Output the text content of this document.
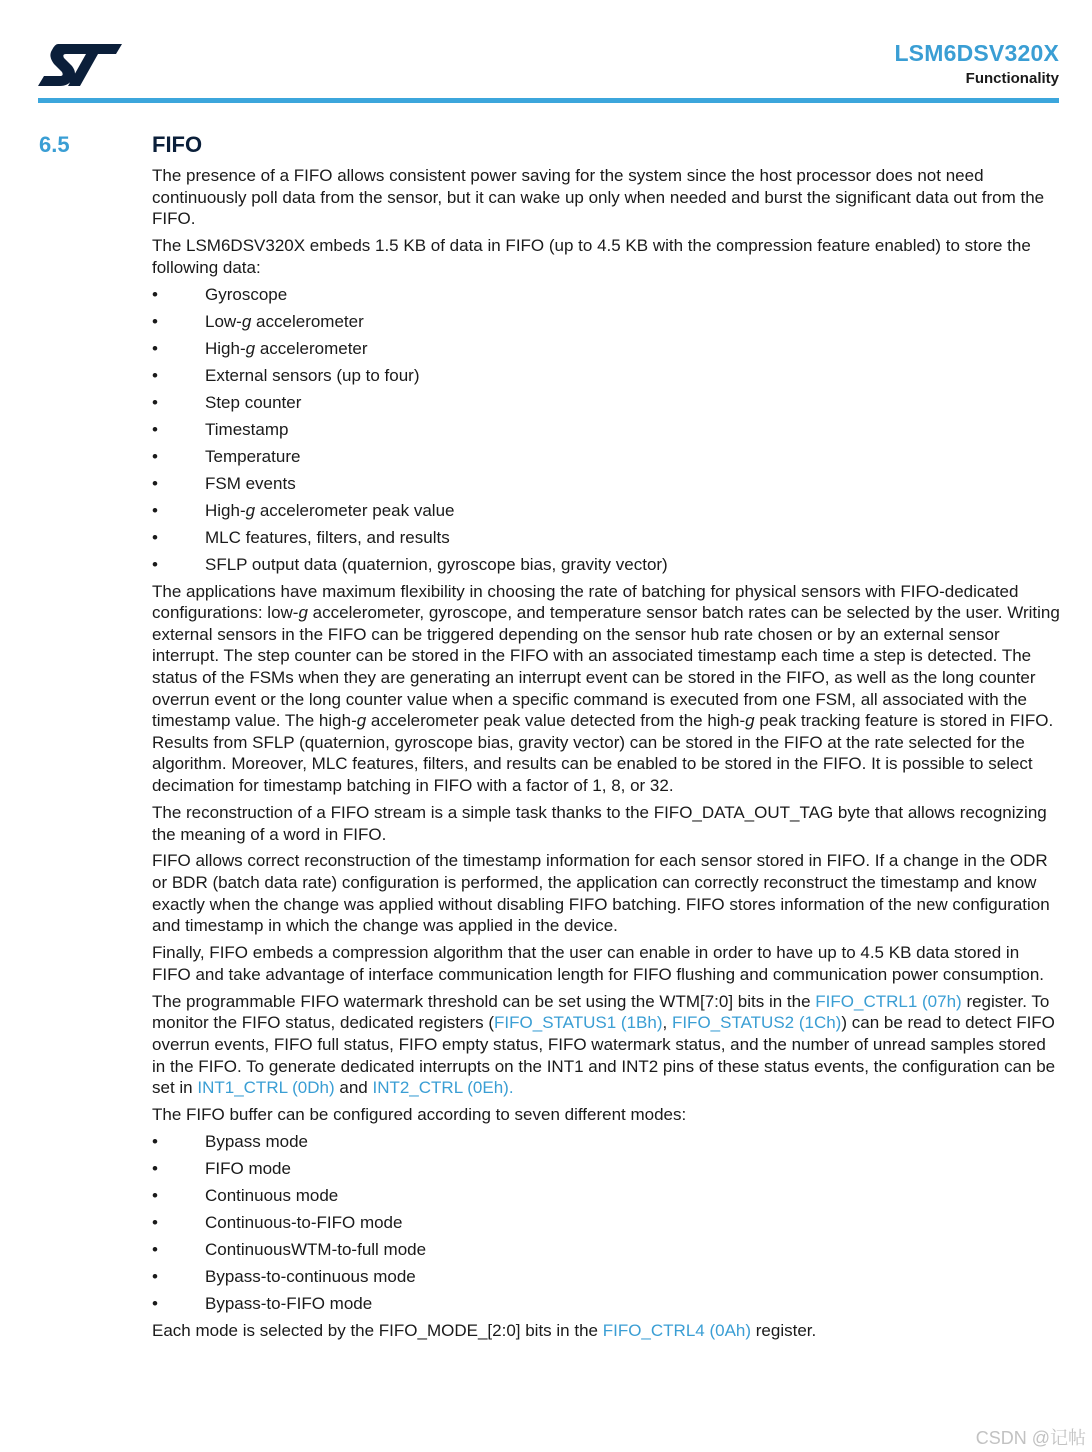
LSM6DSV320X
Functionality
6.5	FIFO

The presence of a FIFO allows consistent power saving for the system since the host processor does not need continuously poll data from the sensor, but it can wake up only when needed and burst the significant data out from the FIFO.

The LSM6DSV320X embeds 1.5 KB of data in FIFO (up to 4.5 KB with the compression feature enabled) to store the following data:

•	Gyroscope
•	Low-g accelerometer
•	High-g accelerometer
•	External sensors (up to four)
•	Step counter
•	Timestamp
•	Temperature
•	FSM events
•	High-g accelerometer peak value
•	MLC features, filters, and results
•	SFLP output data (quaternion, gyroscope bias, gravity vector)

The applications have maximum flexibility in choosing the rate of batching for physical sensors with FIFO-dedicated configurations: low-g accelerometer, gyroscope, and temperature sensor batch rates can be selected by the user. Writing external sensors in the FIFO can be triggered depending on the sensor hub rate chosen or by an external sensor interrupt. The step counter can be stored in the FIFO with an associated timestamp each time a step is detected. The status of the FSMs when they are generating an interrupt event can be stored in the FIFO, as well as the long counter overrun event or the long counter value when a specific command is executed from one FSM, all associated with the timestamp value. The high-g accelerometer peak value detected from the high-g peak tracking feature is stored in FIFO. Results from SFLP (quaternion, gyroscope bias, gravity vector) can be stored in the FIFO at the rate selected for the algorithm. Moreover, MLC features, filters, and results can be enabled to be stored in the FIFO. It is possible to select decimation for timestamp batching in FIFO with a factor of 1, 8, or 32.

The reconstruction of a FIFO stream is a simple task thanks to the FIFO_DATA_OUT_TAG byte that allows recognizing the meaning of a word in FIFO.

FIFO allows correct reconstruction of the timestamp information for each sensor stored in FIFO. If a change in the ODR or BDR (batch data rate) configuration is performed, the application can correctly reconstruct the timestamp and know exactly when the change was applied without disabling FIFO batching. FIFO stores information of the new configuration and timestamp in which the change was applied in the device.

Finally, FIFO embeds a compression algorithm that the user can enable in order to have up to 4.5 KB data stored in FIFO and take advantage of interface communication length for FIFO flushing and communication power consumption.

The programmable FIFO watermark threshold can be set using the WTM[7:0] bits in the FIFO_CTRL1 (07h) register. To monitor the FIFO status, dedicated registers (FIFO_STATUS1 (1Bh), FIFO_STATUS2 (1Ch)) can be read to detect FIFO overrun events, FIFO full status, FIFO empty status, FIFO watermark status, and the number of unread samples stored in the FIFO. To generate dedicated interrupts on the INT1 and INT2 pins of these status events, the configuration can be set in INT1_CTRL (0Dh) and INT2_CTRL (0Eh).

The FIFO buffer can be configured according to seven different modes:

•	Bypass mode
•	FIFO mode
•	Continuous mode
•	Continuous-to-FIFO mode
•	ContinuousWTM-to-full mode
•	Bypass-to-continuous mode
•	Bypass-to-FIFO mode

Each mode is selected by the FIFO_MODE_[2:0] bits in the FIFO_CTRL4 (0Ah) register.

CSDN @记帖
